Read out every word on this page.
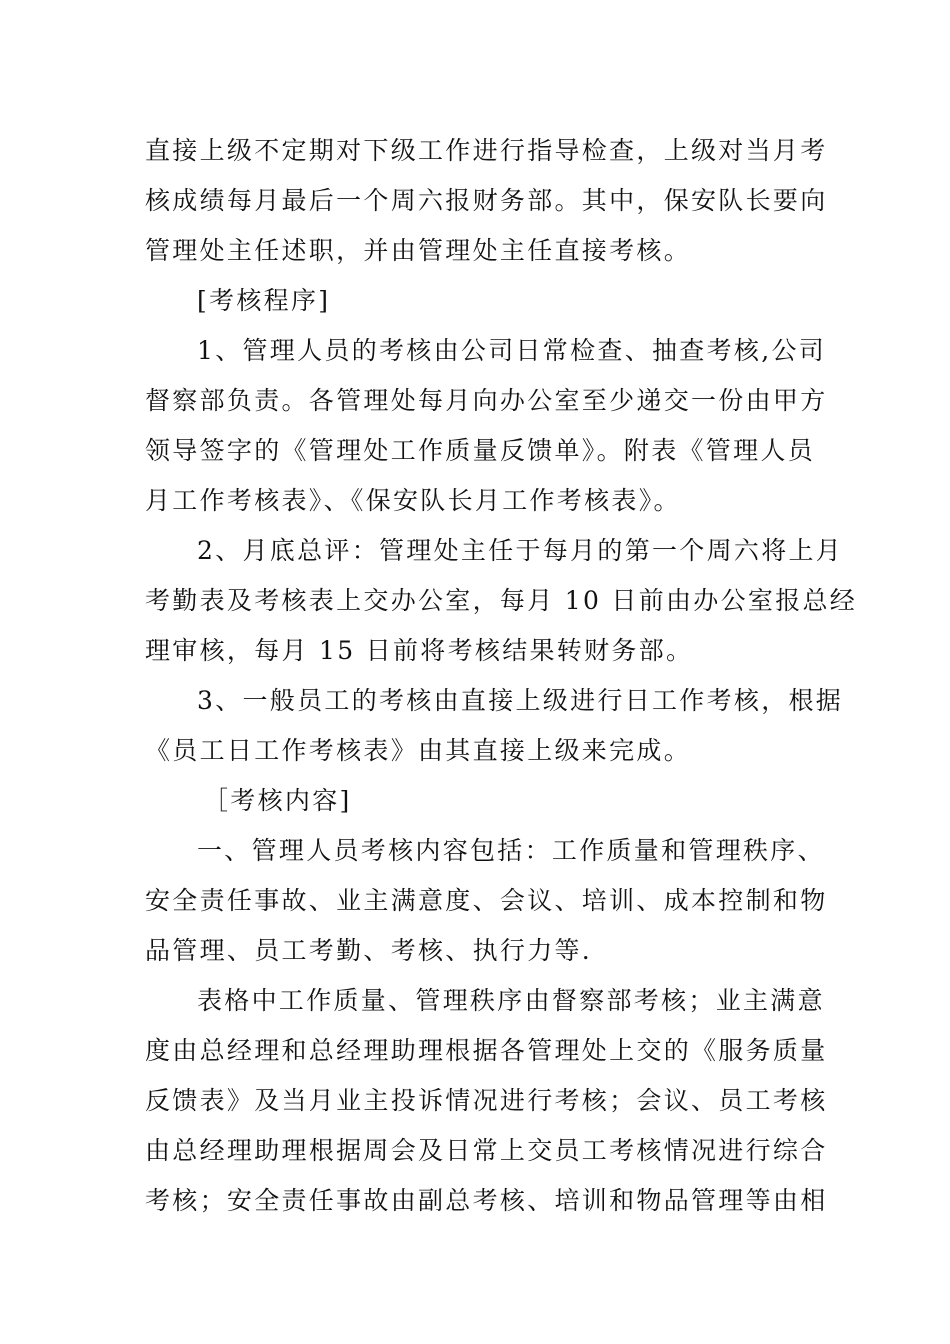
直接上级不定期对下级工作进行指导检查，上级对当月考
核成绩每月最后一个周六报财务部。其中，保安队长要向
管理处主任述职，并由管理处主任直接考核。
[考核程序]
1、管理人员的考核由公司日常检查、抽查考核,公司
督察部负责。各管理处每月向办公室至少递交一份由甲方
领导签字的《管理处工作质量反馈单》。附表《管理人员
月工作考核表》、《保安队长月工作考核表》。
2、月底总评：管理处主任于每月的第一个周六将上月
考勤表及考核表上交办公室，每月 10 日前由办公室报总经
理审核，每月 15 日前将考核结果转财务部。
3、一般员工的考核由直接上级进行日工作考核，根据
《员工日工作考核表》由其直接上级来完成。
［考核内容]
一、管理人员考核内容包括：工作质量和管理秩序、
安全责任事故、业主满意度、会议、培训、成本控制和物
品管理、员工考勤、考核、执行力等.
表格中工作质量、管理秩序由督察部考核；业主满意
度由总经理和总经理助理根据各管理处上交的《服务质量
反馈表》及当月业主投诉情况进行考核；会议、员工考核
由总经理助理根据周会及日常上交员工考核情况进行综合
考核；安全责任事故由副总考核、培训和物品管理等由相
